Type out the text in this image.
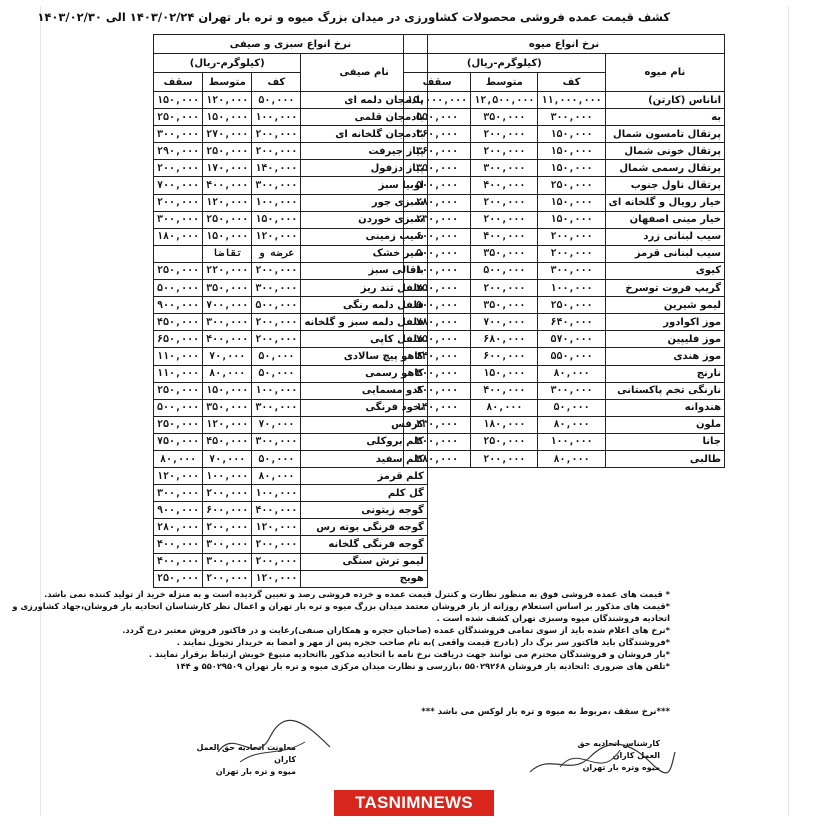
کشف قیمت عمده فروشی محصولات کشاورزی در میدان بزرگ میوه و تره بار تهران ۱۴۰۳/۰۲/۲۴ الی ۱۴۰۳/۰۲/۳۰
نرخ انواع میوه			
نام میوه	(کیلوگرم-ریال)		
	کف	متوسط	سقف
اناناس (کارتن)	۱۱,۰۰۰,۰۰۰	۱۲,۵۰۰,۰۰۰	۱۵,۰۰۰,۰۰۰
به	۳۰۰,۰۰۰	۳۵۰,۰۰۰	۵۵۰,۰۰۰
پرتقال تامسون شمال	۱۵۰,۰۰۰	۲۰۰,۰۰۰	۳۶۰,۰۰۰
پرتقال خونی شمال	۱۵۰,۰۰۰	۲۰۰,۰۰۰	۳۶۰,۰۰۰
پرتقال رسمی شمال	۱۵۰,۰۰۰	۳۰۰,۰۰۰	۳۵۰,۰۰۰
پرتقال ناول جنوب	۲۵۰,۰۰۰	۴۰۰,۰۰۰	۵۰۰,۰۰۰
خیار رویال و گلخانه ای	۱۵۰,۰۰۰	۲۰۰,۰۰۰	۲۸۰,۰۰۰
خیار مینی اصفهان	۱۵۰,۰۰۰	۲۰۰,۰۰۰	۲۳۰,۰۰۰
سیب لبنانی زرد	۲۰۰,۰۰۰	۴۰۰,۰۰۰	۶۰۰,۰۰۰
سیب لبنانی قرمز	۲۰۰,۰۰۰	۳۵۰,۰۰۰	۵۰۰,۰۰۰
کیوی	۳۰۰,۰۰۰	۵۰۰,۰۰۰	۸۰۰,۰۰۰
گریپ فروت توسرخ	۱۰۰,۰۰۰	۲۰۰,۰۰۰	۲۵۰,۰۰۰
لیمو شیرین	۲۵۰,۰۰۰	۳۵۰,۰۰۰	۵۰۰,۰۰۰
موز اکوادور	۶۴۰,۰۰۰	۷۰۰,۰۰۰	۷۸۰,۰۰۰
موز فلیپین	۵۷۰,۰۰۰	۶۸۰,۰۰۰	۷۵۰,۰۰۰
موز هندی	۵۵۰,۰۰۰	۶۰۰,۰۰۰	۶۴۰,۰۰۰
نارنج	۸۰,۰۰۰	۱۵۰,۰۰۰	۳۰۰,۰۰۰
نارنگی تخم پاکستانی	۳۰۰,۰۰۰	۴۰۰,۰۰۰	۶۰۰,۰۰۰
هندوانه	۵۰,۰۰۰	۸۰,۰۰۰	۱۴۰,۰۰۰
ملون	۸۰,۰۰۰	۱۸۰,۰۰۰	۲۳۰,۰۰۰
جانا	۱۰۰,۰۰۰	۲۵۰,۰۰۰	۳۰۰,۰۰۰
طالبی	۸۰,۰۰۰	۲۰۰,۰۰۰	۳۸۰,۰۰۰
نرخ انواع سبزی و صیفی			
نام صیفی	(کیلوگرم-ریال)		
	کف	متوسط	سقف
بادمجان دلمه ای	۵۰,۰۰۰	۱۲۰,۰۰۰	۱۵۰,۰۰۰
بادمجان قلمی	۱۰۰,۰۰۰	۱۵۰,۰۰۰	۲۵۰,۰۰۰
بادمجان گلخانه ای	۲۰۰,۰۰۰	۲۷۰,۰۰۰	۳۰۰,۰۰۰
پیاز جیرفت	۲۰۰,۰۰۰	۲۵۰,۰۰۰	۲۹۰,۰۰۰
پیاز دزفول	۱۴۰,۰۰۰	۱۷۰,۰۰۰	۲۰۰,۰۰۰
لوبیا سبز	۳۰۰,۰۰۰	۴۰۰,۰۰۰	۷۰۰,۰۰۰
سبزی جور	۱۰۰,۰۰۰	۱۲۰,۰۰۰	۲۰۰,۰۰۰
سبزی خوردن	۱۵۰,۰۰۰	۲۵۰,۰۰۰	۳۰۰,۰۰۰
سیب زمینی	۱۲۰,۰۰۰	۱۵۰,۰۰۰	۱۸۰,۰۰۰
سیر خشک	عرضه و	تقاضا	
باقالی سبز	۲۰۰,۰۰۰	۲۲۰,۰۰۰	۲۵۰,۰۰۰
فلفل تند ریز	۳۰۰,۰۰۰	۳۵۰,۰۰۰	۵۰۰,۰۰۰
فلفل دلمه رنگی	۵۰۰,۰۰۰	۷۰۰,۰۰۰	۹۰۰,۰۰۰
فلفل دلمه سبز و گلخانه	۲۰۰,۰۰۰	۳۰۰,۰۰۰	۴۵۰,۰۰۰
فلفل کاپی	۲۰۰,۰۰۰	۴۰۰,۰۰۰	۶۵۰,۰۰۰
کاهو پیچ سالادی	۵۰,۰۰۰	۷۰,۰۰۰	۱۱۰,۰۰۰
کاهو رسمی	۵۰,۰۰۰	۸۰,۰۰۰	۱۱۰,۰۰۰
کدو مسمایی	۱۰۰,۰۰۰	۱۵۰,۰۰۰	۲۵۰,۰۰۰
نخود فرنگی	۳۰۰,۰۰۰	۳۵۰,۰۰۰	۵۰۰,۰۰۰
کرفس	۷۰,۰۰۰	۱۲۰,۰۰۰	۲۵۰,۰۰۰
کلم بروکلی	۳۰۰,۰۰۰	۴۵۰,۰۰۰	۷۵۰,۰۰۰
کلم سفید	۵۰,۰۰۰	۷۰,۰۰۰	۸۰,۰۰۰
کلم قرمز	۸۰,۰۰۰	۱۰۰,۰۰۰	۱۲۰,۰۰۰
گل کلم	۱۰۰,۰۰۰	۲۰۰,۰۰۰	۳۰۰,۰۰۰
گوجه زیتونی	۴۰۰,۰۰۰	۶۰۰,۰۰۰	۹۰۰,۰۰۰
گوجه فرنگی بوته رس	۱۲۰,۰۰۰	۲۰۰,۰۰۰	۲۸۰,۰۰۰
گوجه فرنگی گلخانه	۲۰۰,۰۰۰	۳۰۰,۰۰۰	۴۰۰,۰۰۰
لیمو ترش سنگی	۲۰۰,۰۰۰	۳۰۰,۰۰۰	۴۰۰,۰۰۰
هویج	۱۲۰,۰۰۰	۲۰۰,۰۰۰	۲۵۰,۰۰۰
* قیمت های عمده فروشی فوق به منظور نظارت و کنترل قیمت عمده و خرده فروشی رصد و تعیین گردیده است و به منزله خرید از تولید کننده نمی باشد.
*قیمت های مذکور بر اساس استعلام روزانه از بار فروشان معتمد میدان بزرگ میوه و تره بار تهران و اعمال نظر کارشناسان اتحادیه بار فروشان،جهاد کشاورزی و
اتحادیه فروشندگان میوه وسبزی تهران کشف شده است .
*نرخ های اعلام شده باید از سوی تمامی فروشندگان عمده (صاحبان حجره و همکاران صنفی)رعایت و در فاکتور فروش معتبر درج گردد.
*فروشندگان باید فاکتور سر برگ دار (بادرج قیمت واقعی )به نام صاحب حجره پس از مهر و امضا به خریدار تحویل نمایند .
*بار فروشان و فروشندگان محترم می توانند جهت دریافت نرخ نامه با اتحادیه مذکور بااتحادیه متبوع خویش ارتباط برقرار نمایند .
*تلفن های ضروری :اتحادیه بار فروشان ۵۵۰۲۹۲۶۸ ،بازرسی و نظارت میدان مرکزی میوه و تره بار تهران ۵۵۰۲۹۵۰۹ و ۱۴۴
***نرخ سقف ،مربوط به میوه و تره بار لوکس می باشد ***
کارشناس اتحادیه حق العمل کاران
میوه وتره بار تهران
معاونت اتحادیه حق العمل کاران
میوه و تره بار تهران
TASNIMNEWS
